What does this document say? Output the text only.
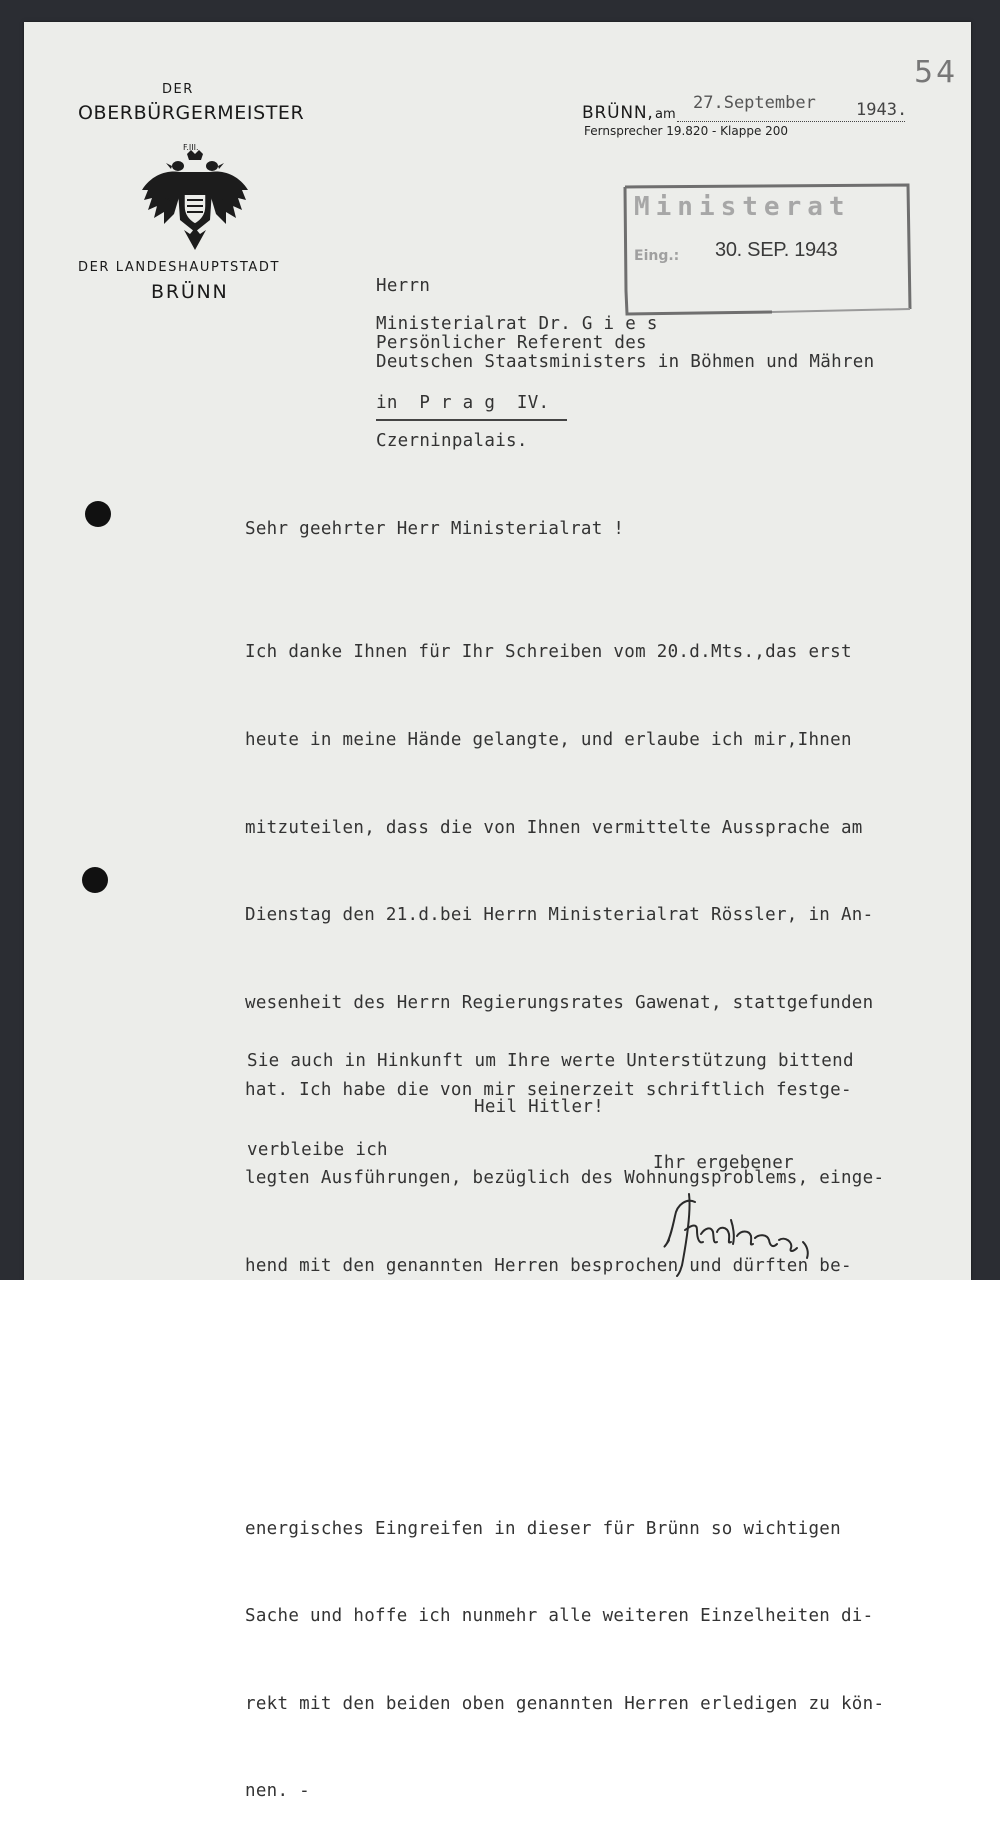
54
DER
OBERBÜRGERMEISTER
F.III.
DER LANDESHAUPTSTADT
BRÜNN
BRÜNN, am
27.September 1943.
Fernsprecher 19.820 - Klappe 200
Ministerat
Eing.: 30. SEP. 1943
Herrn
Ministerialrat Dr. G i e s
Persönlicher Referent des
Deutschen Staatsministers in Böhmen und Mähren
in  P r a g  IV.
Czerninpalais.
Sehr geehrter Herr Ministerialrat !

Ich danke Ihnen für Ihr Schreiben vom 20.d.Mts.,das erst

heute in meine Hände gelangte, und erlaube ich mir,Ihnen

mitzuteilen, dass die von Ihnen vermittelte Aussprache am

Dienstag den 21.d.bei Herrn Ministerialrat Rössler, in An-

wesenheit des Herrn Regierungsrates Gawenat, stattgefunden

hat. Ich habe die von mir seinerzeit schriftlich festge-

legten Ausführungen, bezüglich des Wohnungsproblems, einge-

hend mit den genannten Herren besprochen und dürften be-

energisches Eingreifen in dieser für Brünn so wichtigen

Sache und hoffe ich nunmehr alle weiteren Einzelheiten di-

rekt mit den beiden oben genannten Herren erledigen zu kön-

nen. -

Sie auch in Hinkunft um Ihre werte Unterstützung bittend

verbleibe ich

Heil Hitler!
Ihr ergebener
